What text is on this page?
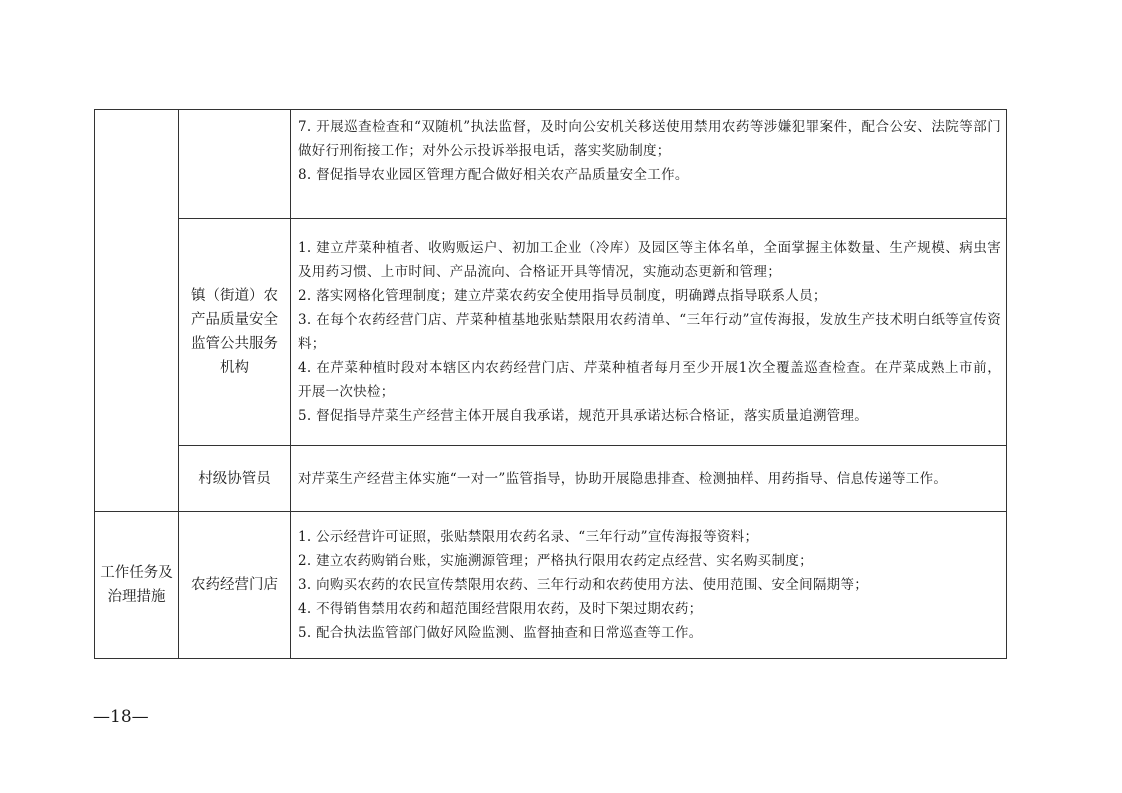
		7. 开展巡查检查和“双随机”执法监督，及时向公安机关移送使用禁用农药等涉嫌犯罪案件，配合公安、法院等部门做好行刑衔接工作；对外公示投诉举报电话，落实奖励制度；
8. 督促指导农业园区管理方配合做好相关农产品质量安全工作。

	镇（街道）农产品质量安全监管公共服务机构	1. 建立芹菜种植者、收购贩运户、初加工企业（冷库）及园区等主体名单，全面掌握主体数量、生产规模、病虫害及用药习惯、上市时间、产品流向、合格证开具等情况，实施动态更新和管理；
2. 落实网格化管理制度；建立芹菜农药安全使用指导员制度，明确蹲点指导联系人员；
3. 在每个农药经营门店、芹菜种植基地张贴禁限用农药清单、“三年行动”宣传海报，发放生产技术明白纸等宣传资料；
4. 在芹菜种植时段对本辖区内农药经营门店、芹菜种植者每月至少开展1次全覆盖巡查检查。在芹菜成熟上市前，开展一次快检；
5. 督促指导芹菜生产经营主体开展自我承诺，规范开具承诺达标合格证，落实质量追溯管理。

	村级协管员	对芹菜生产经营主体实施“一对一”监管指导，协助开展隐患排查、检测抽样、用药指导、信息传递等工作。

工作任务及治理措施	农药经营门店	1. 公示经营许可证照，张贴禁限用农药名录、“三年行动”宣传海报等资料；
2. 建立农药购销台账，实施溯源管理；严格执行限用农药定点经营、实名购买制度；
3. 向购买农药的农民宣传禁限用农药、三年行动和农药使用方法、使用范围、安全间隔期等；
4. 不得销售禁用农药和超范围经营限用农药，及时下架过期农药；
5. 配合执法监管部门做好风险监测、监督抽查和日常巡查等工作。
—18—
